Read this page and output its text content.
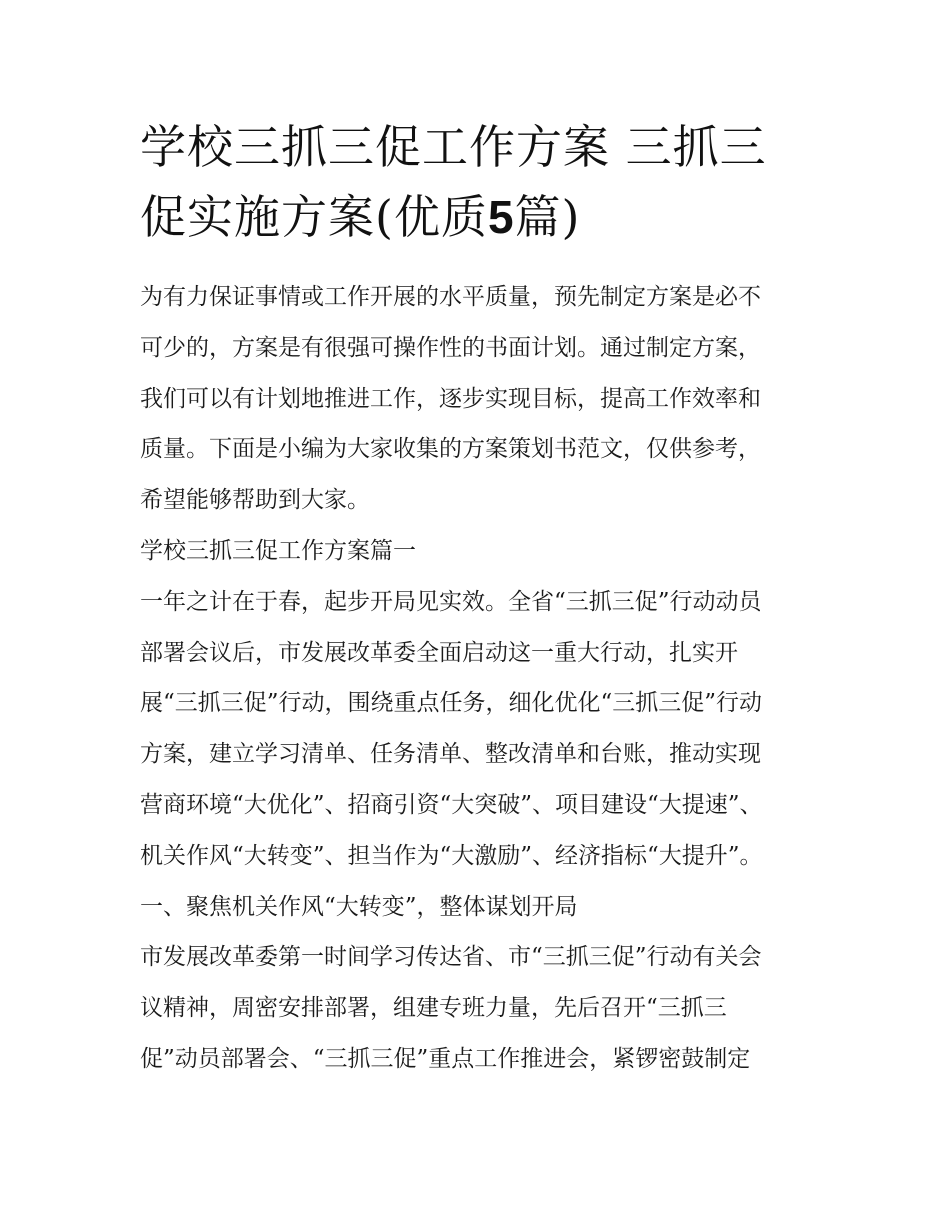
学校三抓三促工作方案 三抓三
促实施方案(优质5篇)
为有力保证事情或工作开展的水平质量，预先制定方案是必不
可少的，方案是有很强可操作性的书面计划。通过制定方案，
我们可以有计划地推进工作，逐步实现目标，提高工作效率和
质量。下面是小编为大家收集的方案策划书范文，仅供参考，
希望能够帮助到大家。
学校三抓三促工作方案篇一
一年之计在于春，起步开局见实效。全省“三抓三促”行动动员
部署会议后，市发展改革委全面启动这一重大行动，扎实开
展“三抓三促”行动，围绕重点任务，细化优化“三抓三促”行动
方案，建立学习清单、任务清单、整改清单和台账，推动实现
营商环境“大优化”、招商引资“大突破”、项目建设“大提速”、
机关作风“大转变”、担当作为“大激励”、经济指标“大提升”。
一、聚焦机关作风“大转变”，整体谋划开局
市发展改革委第一时间学习传达省、市“三抓三促”行动有关会
议精神，周密安排部署，组建专班力量，先后召开“三抓三
促”动员部署会、“三抓三促”重点工作推进会，紧锣密鼓制定
